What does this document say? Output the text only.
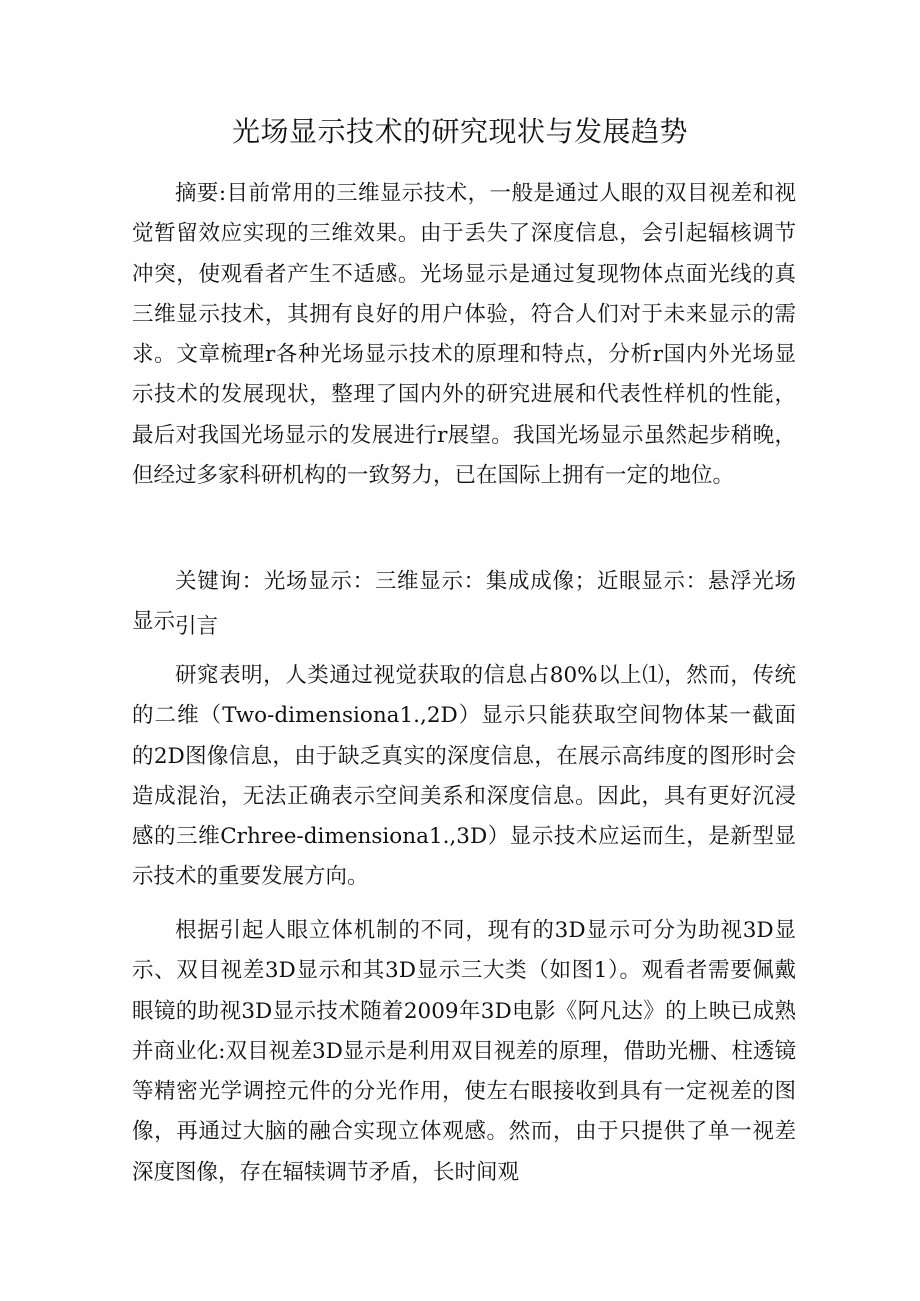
光场显示技术的研究现状与发展趋势

摘要:目前常用的三维显示技术，一般是通过人眼的双目视差和视觉暂留效应实现的三维效果。由于丢失了深度信息，会引起辐核调节冲突，使观看者产生不适感。光场显示是通过复现物体点面光线的真三维显示技术，其拥有良好的用户体验，符合人们对于未来显示的需求。文章梳理r各种光场显示技术的原理和特点，分析r国内外光场显示技术的发展现状，整理了国内外的研究进展和代表性样机的性能，最后对我国光场显示的发展进行r展望。我国光场显示虽然起步稍晚，但经过多家科研机构的一致努力，已在国际上拥有一定的地位。

关键询：光场显示：三维显示：集成成像；近眼显示：悬浮光场显示 引言

研窕表明，人类通过视觉获取的信息占80%以上⑴，然而，传统的二维（Two-dimensiona1.,2D）显示只能获取空间物体某一截面的2D图像信息，由于缺乏真实的深度信息，在展示高纬度的图形时会造成混治，无法正确表示空间美系和深度信息。因此，具有更好沉浸感的三维Crhree-dimensiona1.,3D）显示技术应运而生，是新型显示技术的重要发展方向。

根据引起人眼立体机制的不同，现有的3D显示可分为助视3D显示、双目视差3D显示和其3D显示三大类（如图1）。观看者需要佩戴眼镜的助视3D显示技术随着2009年3D电影《阿凡达》的上映已成熟并商业化:双目视差3D显示是利用双目视差的原理，借助光栅、柱透镜等精密光学调控元件的分光作用，使左右眼接收到具有一定视差的图像，再通过大脑的融合实现立体观感。然而，由于只提供了单一视差深度图像，存在辐犊调节矛盾，长时间观
